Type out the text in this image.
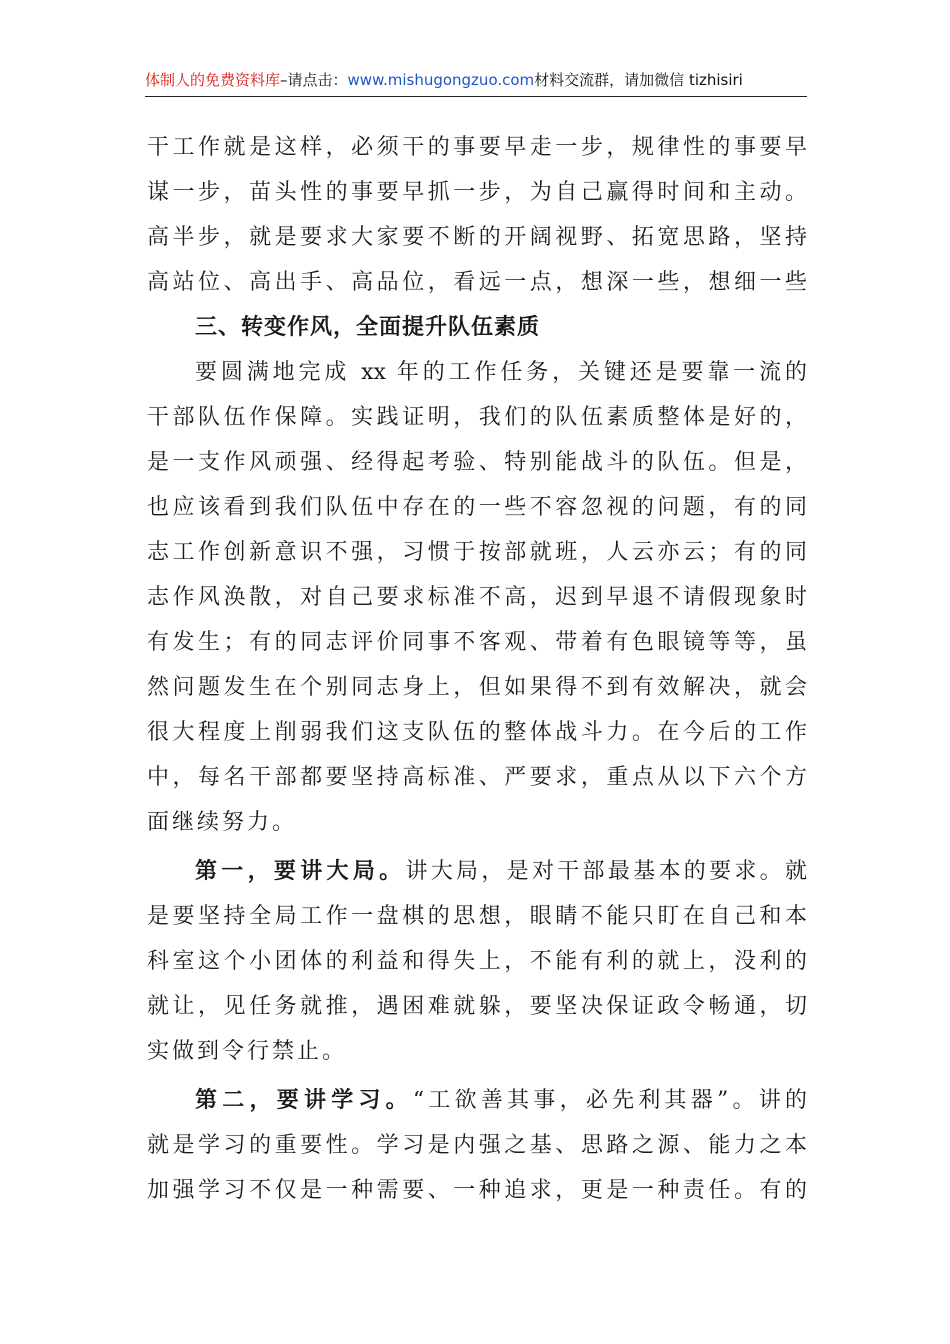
体制人的免费资料库–请点击：www.mishugongzuo.com材料交流群，请加微信 tizhisiri
干工作就是这样，必须干的事要早走一步，规律性的事要早
谋一步，苗头性的事要早抓一步，为自己赢得时间和主动。
高半步，就是要求大家要不断的开阔视野、拓宽思路，坚持
高站位、高出手、高品位，看远一点，想深一些，想细一些
三、转变作风，全面提升队伍素质
要圆满地完成 xx 年的工作任务，关键还是要靠一流的
干部队伍作保障。实践证明，我们的队伍素质整体是好的，
是一支作风顽强、经得起考验、特别能战斗的队伍。但是，
也应该看到我们队伍中存在的一些不容忽视的问题，有的同
志工作创新意识不强，习惯于按部就班，人云亦云；有的同
志作风涣散，对自己要求标准不高，迟到早退不请假现象时
有发生；有的同志评价同事不客观、带着有色眼镜等等，虽
然问题发生在个别同志身上，但如果得不到有效解决，就会
很大程度上削弱我们这支队伍的整体战斗力。在今后的工作
中，每名干部都要坚持高标准、严要求，重点从以下六个方
面继续努力。
第一，要讲大局。讲大局，是对干部最基本的要求。就
是要坚持全局工作一盘棋的思想，眼睛不能只盯在自己和本
科室这个小团体的利益和得失上，不能有利的就上，没利的
就让，见任务就推，遇困难就躲，要坚决保证政令畅通，切
实做到令行禁止。
第二，要讲学习。“工欲善其事，必先利其器”。讲的
就是学习的重要性。学习是内强之基、思路之源、能力之本
加强学习不仅是一种需要、一种追求，更是一种责任。有的
